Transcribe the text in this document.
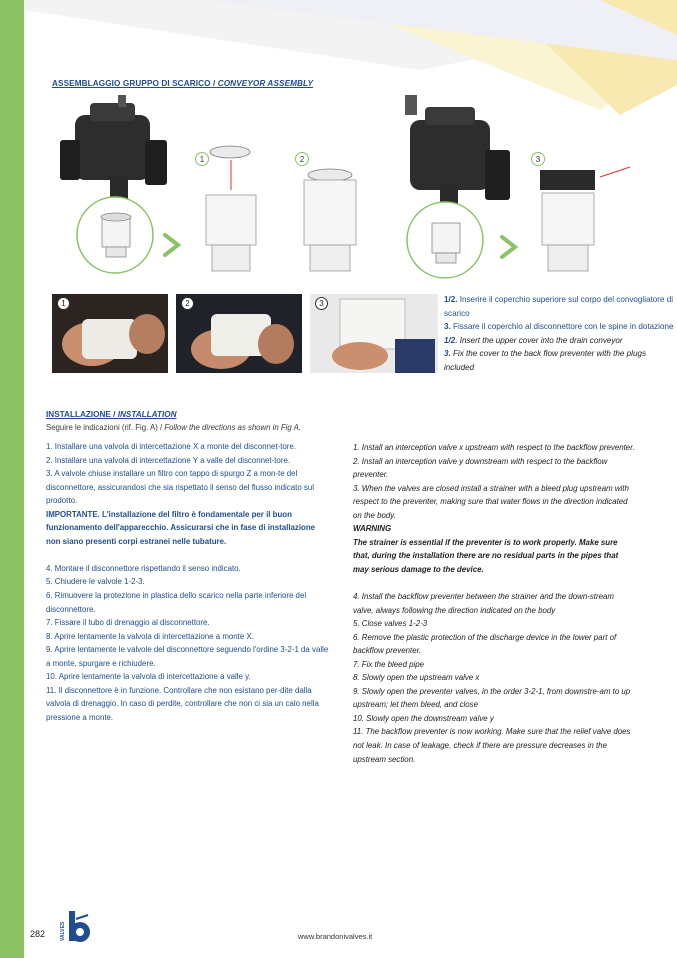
ASSEMBLAGGIO GRUPPO DI SCARICO / CONVEYOR ASSEMBLY
1	2	3
1	2	3	1/2. Inserire il coperchio superiore sul corpo del convogliatore di scarico
3. Fissare il coperchio al disconnettore con le spine in dotazione
1/2. Insert the upper cover into the drain conveyor
3. Fix the cover to the back flow preventer with the plugs included
INSTALLAZIONE / INSTALLATION
Seguire le indicazioni (rif. Fig. A) / Follow the directions as shown in Fig A.

1. Installare una valvola di intercettazione X a monte del disconnet-tore.

2. Installare una valvola di intercettazione Y a valle del disconnet-tore.

3. A valvole chiuse installare un filtro con tappo di spurgo Z a mon-te del disconnettore, assicurandosi che sia rispettato il senso del flusso indicato sul prodotto.

IMPORTANTE. L'installazione del filtro è fondamentale per il buon funzionamento dell'apparecchio. Assicurarsi che in fase di installazione non siano presenti corpi estranei nelle tubature.

4. Montare il disconnettore rispettando il senso indicato.

5. Chiudere le valvole 1-2-3.

6. Rimuovere la protezione in plastica dello scarico nella parte inferiore del disconnettore.

7. Fissare il tubo di drenaggio al disconnettore.

8. Aprire lentamente la valvola di intercettazione a monte X.

9. Aprire lentamente le valvole del disconnettore seguendo l'ordine 3-2-1 da valle a monte, spurgare e richiudere.

10. Aprire lentamente la valvola di intercettazione a valle y.

11. Il disconnettore è in funzione. Controllare che non esistano per-dite dalla valvola di drenaggio. In caso di perdite, controllare che non ci sia un calo nella pressione a monte.

1. Install an interception valve x upstream with respect to the backflow preventer.

2. Install an interception valve y downstream with respect to the backflow preventer.

3. When the valves are closed install a strainer with a bleed plug upstream with respect to the preventer, making sure that water flows in the direction indicated on the body.

WARNING

The strainer is essential if the preventer is to work properly. Make sure that, during the installation there are no residual parts in the pipes that may serious damage to the device.

4. Install the backflow preventer between the strainer and the down-stream valve, always following the direction indicated on the body

5. Close valves 1-2-3

6. Remove the plastic protection of the discharge device in the lower part of backflow preventer.

7. Fix the bleed pipe

8. Slowly open the upstream valve x

9. Slowly open the preventer valves, in the order 3-2-1, from downstre-am to up upstream; let them bleed, and close

10. Slowly open the downstream valve y

11. The backflow preventer is now working. Make sure that the relief valve does not leak. In case of leakage, check if there are pressure decreases in the upstream section.

282	VALVES	www.brandonivalves.it
